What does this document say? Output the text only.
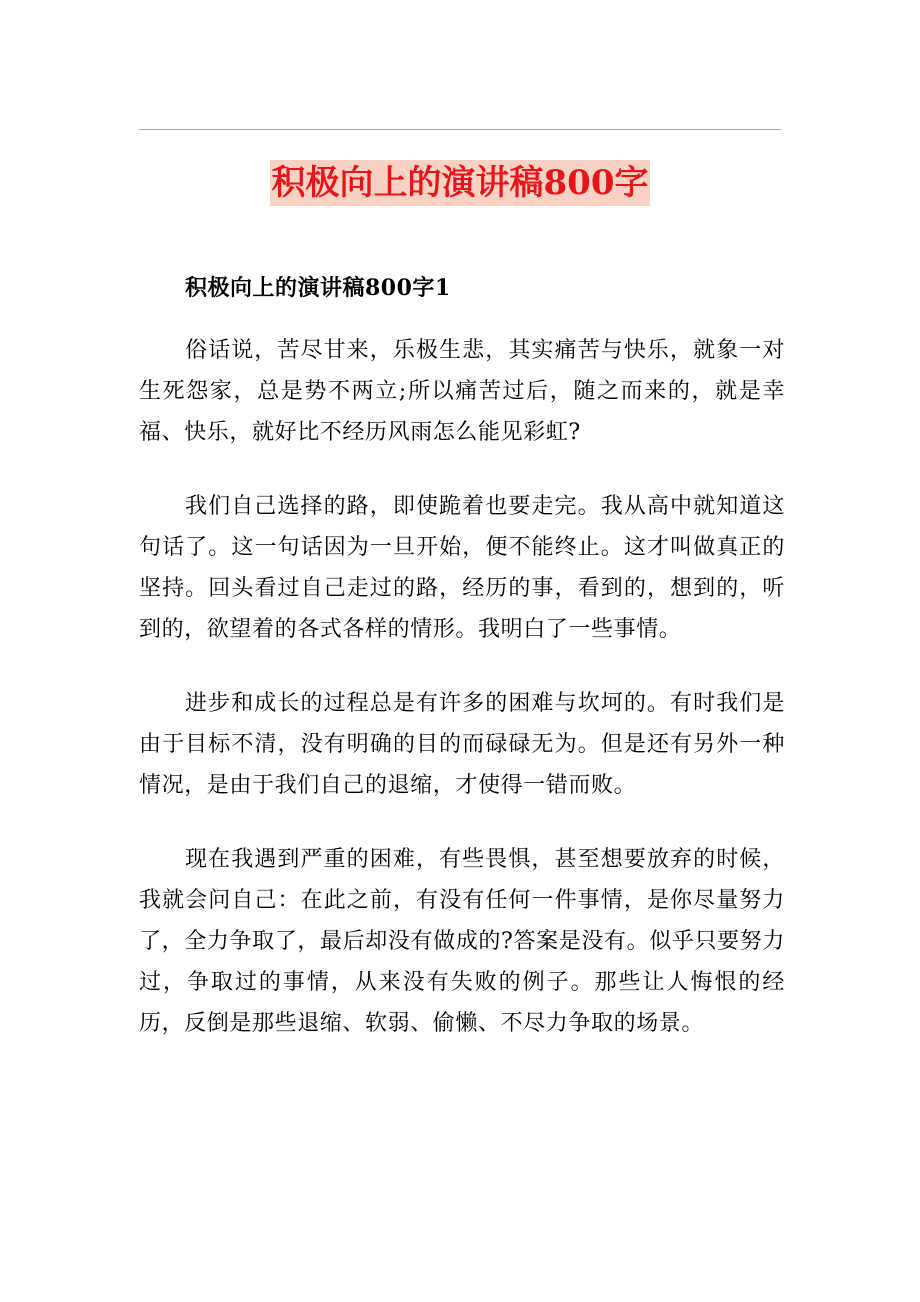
积极向上的演讲稿800字
积极向上的演讲稿800字1

俗话说，苦尽甘来，乐极生悲，其实痛苦与快乐，就象一对生死怨家，总是势不两立;所以痛苦过后，随之而来的，就是幸福、快乐，就好比不经历风雨怎么能见彩虹?

我们自己选择的路，即使跪着也要走完。我从高中就知道这句话了。这一句话因为一旦开始，便不能终止。这才叫做真正的坚持。回头看过自己走过的路，经历的事，看到的，想到的，听到的，欲望着的各式各样的情形。我明白了一些事情。

进步和成长的过程总是有许多的困难与坎坷的。有时我们是由于目标不清，没有明确的目的而碌碌无为。但是还有另外一种情况，是由于我们自己的退缩，才使得一错而败。

现在我遇到严重的困难，有些畏惧，甚至想要放弃的时候，我就会问自己：在此之前，有没有任何一件事情，是你尽量努力了，全力争取了，最后却没有做成的?答案是没有。似乎只要努力过，争取过的事情，从来没有失败的例子。那些让人悔恨的经历，反倒是那些退缩、软弱、偷懒、不尽力争取的场景。
